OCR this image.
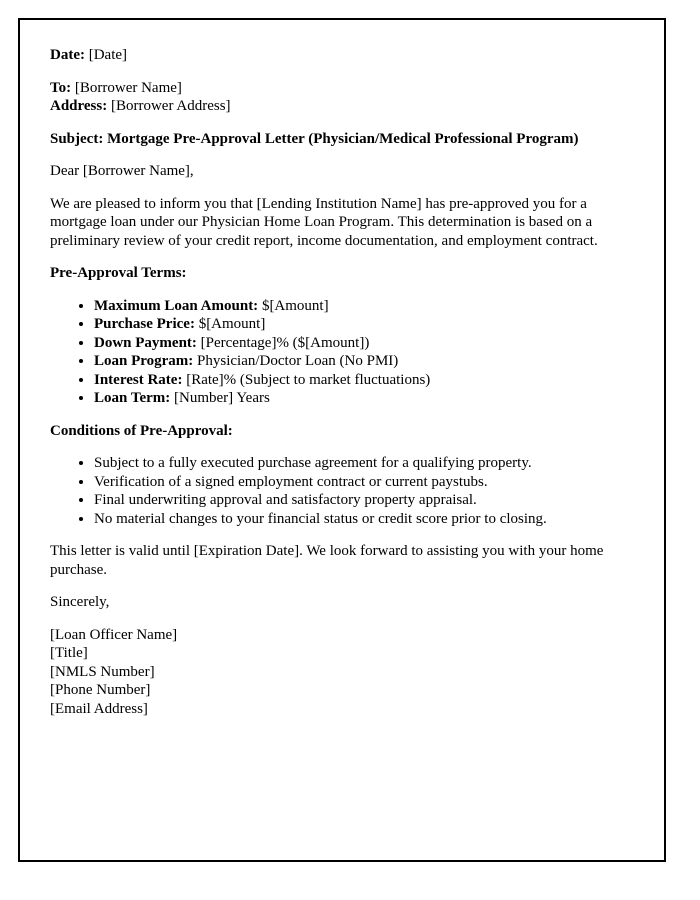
Date: [Date]

To: [Borrower Name]

Address: [Borrower Address]

Subject: Mortgage Pre-Approval Letter (Physician/Medical Professional Program)

Dear [Borrower Name],

We are pleased to inform you that [Lending Institution Name] has pre-approved you for a mortgage loan under our Physician Home Loan Program. This determination is based on a preliminary review of your credit report, income documentation, and employment contract.

Pre-Approval Terms:

• Maximum Loan Amount: $[Amount]
• Purchase Price: $[Amount]
• Down Payment: [Percentage]% ($[Amount])
• Loan Program: Physician/Doctor Loan (No PMI)
• Interest Rate: [Rate]% (Subject to market fluctuations)
• Loan Term: [Number] Years

Conditions of Pre-Approval:

• Subject to a fully executed purchase agreement for a qualifying property.
• Verification of a signed employment contract or current paystubs.
• Final underwriting approval and satisfactory property appraisal.
• No material changes to your financial status or credit score prior to closing.

This letter is valid until [Expiration Date]. We look forward to assisting you with your home purchase.

Sincerely,

[Loan Officer Name]

[Title]

[NMLS Number]

[Phone Number]

[Email Address]
